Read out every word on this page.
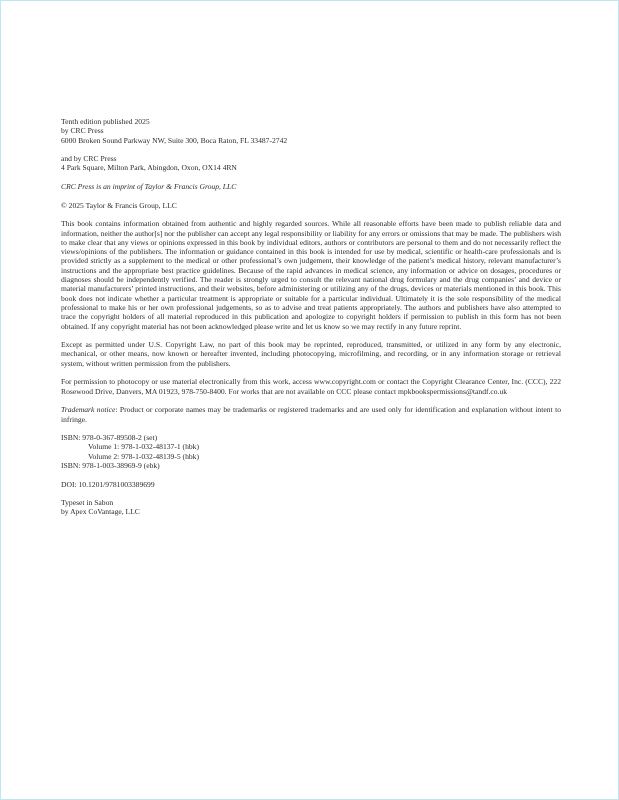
Tenth edition published 2025
by CRC Press
6000 Broken Sound Parkway NW, Suite 300, Boca Raton, FL 33487-2742
and by CRC Press
4 Park Square, Milton Park, Abingdon, Oxon, OX14 4RN
CRC Press is an imprint of Taylor & Francis Group, LLC
© 2025 Taylor & Francis Group, LLC

This book contains information obtained from authentic and highly regarded sources. While all reasonable efforts have been made to publish reliable data and information, neither the author[s] nor the publisher can accept any legal responsibility or liability for any errors or omissions that may be made. The publishers wish to make clear that any views or opinions expressed in this book by individual editors, authors or contributors are personal to them and do not necessarily reflect the views/opinions of the publishers. The information or guidance contained in this book is intended for use by medical, scientific or health-care professionals and is provided strictly as a supplement to the medical or other professional’s own judgement, their knowledge of the patient’s medical history, relevant manufacturer’s instructions and the appropriate best practice guidelines. Because of the rapid advances in medical science, any information or advice on dosages, procedures or diagnoses should be independently verified. The reader is strongly urged to consult the relevant national drug formulary and the drug companies’ and device or material manufacturers’ printed instructions, and their websites, before administering or utilizing any of the drugs, devices or materials mentioned in this book. This book does not indicate whether a particular treatment is appropriate or suitable for a particular individual. Ultimately it is the sole responsibility of the medical professional to make his or her own professional judgements, so as to advise and treat patients appropriately. The authors and publishers have also attempted to trace the copyright holders of all material reproduced in this publication and apologize to copyright holders if permission to publish in this form has not been obtained. If any copyright material has not been acknowledged please write and let us know so we may rectify in any future reprint.

Except as permitted under U.S. Copyright Law, no part of this book may be reprinted, reproduced, transmitted, or utilized in any form by any electronic, mechanical, or other means, now known or hereafter invented, including photocopying, microfilming, and recording, or in any information storage or retrieval system, without written permission from the publishers.

For permission to photocopy or use material electronically from this work, access www.copyright.com or contact the Copyright Clearance Center, Inc. (CCC), 222 Rosewood Drive, Danvers, MA 01923, 978-750-8400. For works that are not available on CCC please contact mpkbookspermissions@tandf.co.uk

Trademark notice: Product or corporate names may be trademarks or registered trademarks and are used only for identification and explanation without intent to infringe.

ISBN: 978-0-367-89508-2 (set)
Volume 1: 978-1-032-48137-1 (hbk)
Volume 2: 978-1-032-48139-5 (hbk)
ISBN: 978-1-003-38969-9 (ebk)
DOI: 10.1201/9781003389699
Typeset in Sabon
by Apex CoVantage, LLC
